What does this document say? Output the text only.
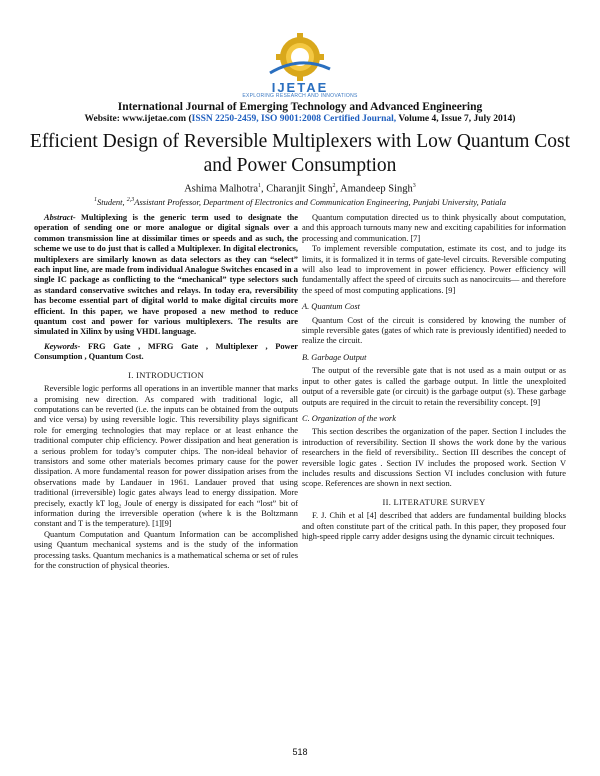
IJETAE
EXPLORING RESEARCH AND INNOVATIONS
International Journal of Emerging Technology and Advanced Engineering
Website: www.ijetae.com (ISSN 2250-2459, ISO 9001:2008 Certified Journal, Volume 4, Issue 7, July 2014)
Efficient Design of Reversible Multiplexers with Low Quantum Cost and Power Consumption
Ashima Malhotra$^1$, Charanjit Singh$^2$, Amandeep Singh$^3$
$^1$Student, $^{2,3}$Assistant Professor, Department of Electronics and Communication Engineering, Punjabi University, Patiala

Abstract- Multiplexing is the generic term used to designate the operation of sending one or more analogue or digital signals over a common transmission line at dissimilar times or speeds and as such, the scheme we use to do just that is called a Multiplexer. In digital electronics, multiplexers are similarly known as data selectors as they can “select” each input line, are made from individual Analogue Switches encased in a single IC package as conflicting to the “mechanical” type selectors such as standard conservative switches and relays. In today era, reversibility has become essential part of digital world to make digital circuits more efficient. In this paper, we have proposed a new method to reduce quantum cost and power for various multiplexers. The results are simulated in Xilinx by using VHDL language.

Keywords- FRG Gate , MFRG Gate , Multiplexer , Power Consumption , Quantum Cost.

I. INTRODUCTION

Reversible logic performs all operations in an invertible manner that marks a promising new direction. As compared with traditional logic, all computations can be reverted (i.e. the inputs can be obtained from the outputs and vice versa) by using reversible logic. This reversibility plays significant role for emerging technologies that may replace or at least enhance the traditional computer chip efficiency. Power dissipation and heat generation is a serious problem for today’s computer chips. The non-ideal behavior of transistors and some other materials becomes primary cause for the power dissipation. A more fundamental reason for power dissipation arises from the observations made by Landauer in 1961. Landauer proved that using traditional (irreversible) logic gates always lead to energy dissipation. More precisely, exactly kT log₂ Joule of energy is dissipated for each “lost” bit of information during the irreversible operation (where k is the Boltzmann constant and T is the temperature). [1][9]

Quantum Computation and Quantum Information can be accomplished using Quantum mechanical systems and is the study of the information processing tasks. Quantum mechanics is a mathematical schema or set of rules for the construction of physical theories.

Quantum computation directed us to think physically about computation, and this approach turnouts many new and exciting capabilities for information processing and communication. [7]

To implement reversible computation, estimate its cost, and to judge its limits, it is formalized it in terms of gate-level circuits. Reversible computing will also lead to improvement in power efficiency. Power efficiency will fundamentally affect the speed of circuits such as nanocircuits— and therefore the speed of most computing applications. [9]

A. Quantum Cost

Quantum Cost of the circuit is considered by knowing the number of simple reversible gates (gates of which rate is previously identified) needed to realize the circuit.

B. Garbage Output

The output of the reversible gate that is not used as a main output or as input to other gates is called the garbage output. In little the unexploited output of a reversible gate (or circuit) is the garbage output (s). These garbage outputs are required in the circuit to retain the reversibility concept. [9]

C. Organization of the work

This section describes the organization of the paper. Section I includes the introduction of reversibility. Section II shows the work done by the various researchers in the field of reversibility.. Section III describes the concept of reversible logic gates . Section IV includes the proposed work. Section V includes results and discussions Section VI includes conclusion with future scope. References are shown in next section.

II. LITERATURE SURVEY

F. J. Chih et al [4] described that adders are fundamental building blocks and often constitute part of the critical path. In this paper, they proposed four high-speed ripple carry adder designs using the dynamic circuit techniques.

518
